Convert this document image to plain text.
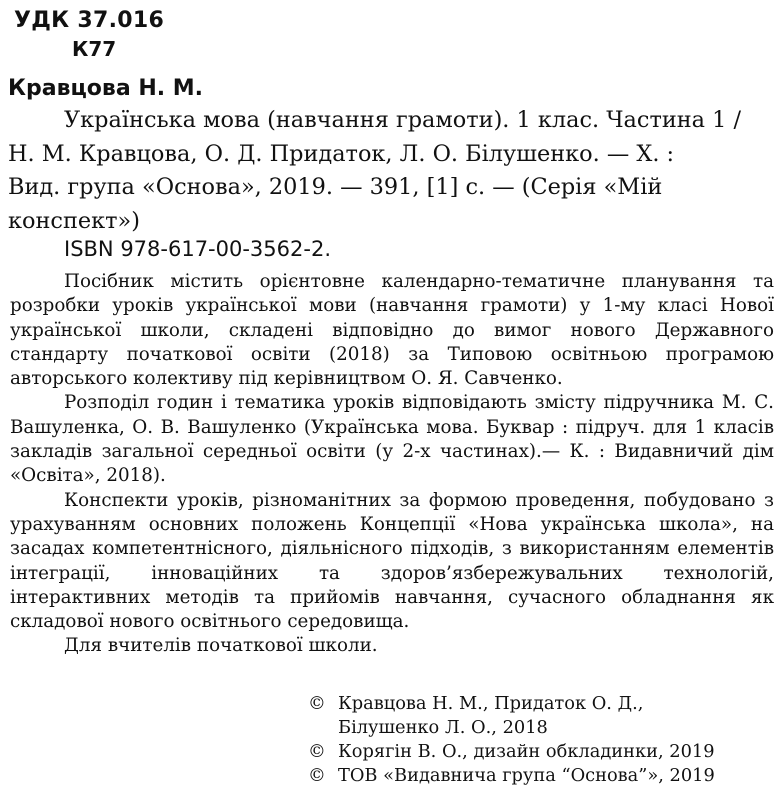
УДК 37.016
К77
Кравцова Н. М.
Українська мова (навчання грамоти). 1 клас. Частина 1 /
Н. М. Кравцова, О. Д. Придаток, Л. О. Білушенко. — Х. :
Вид. група «Основа», 2019. — 391, [1] с. — (Серія «Мій
конспект»)
ISBN 978-617-00-3562-2.

Посібник містить орієнтовне календарно-тематичне планування та розробки уроків української мови (навчання грамоти) у 1-му класі Нової української школи, складені відповідно до вимог нового Державного стандарту початкової освіти (2018) за Типовою освітньою програмою авторського колективу під керівництвом О. Я. Савченко.

Розподіл годин і тематика уроків відповідають змісту підручника М. С. Вашуленка, О. В. Вашуленко (Українська мова. Буквар : підруч. для 1 класів закладів загальної середньої освіти (у 2-х частинах).— К. : Видавничий дім «Освіта», 2018).

Конспекти уроків, різноманітних за формою проведення, побудовано з урахуванням основних положень Концепції «Нова українська школа», на засадах компетентнісного, діяльнісного підходів, з використанням елементів інтеграції, інноваційних та здоров’язбережувальних технологій, інтерактивних методів та прийомів навчання, сучасного обладнання як складової нового освітнього середовища.

Для вчителів початкової школи.

© Кравцова Н. М., Придаток О. Д.,
Білушенко Л. О., 2018
© Корягін В. О., дизайн обкладинки, 2019
© ТОВ «Видавнича група “Основа”», 2019
